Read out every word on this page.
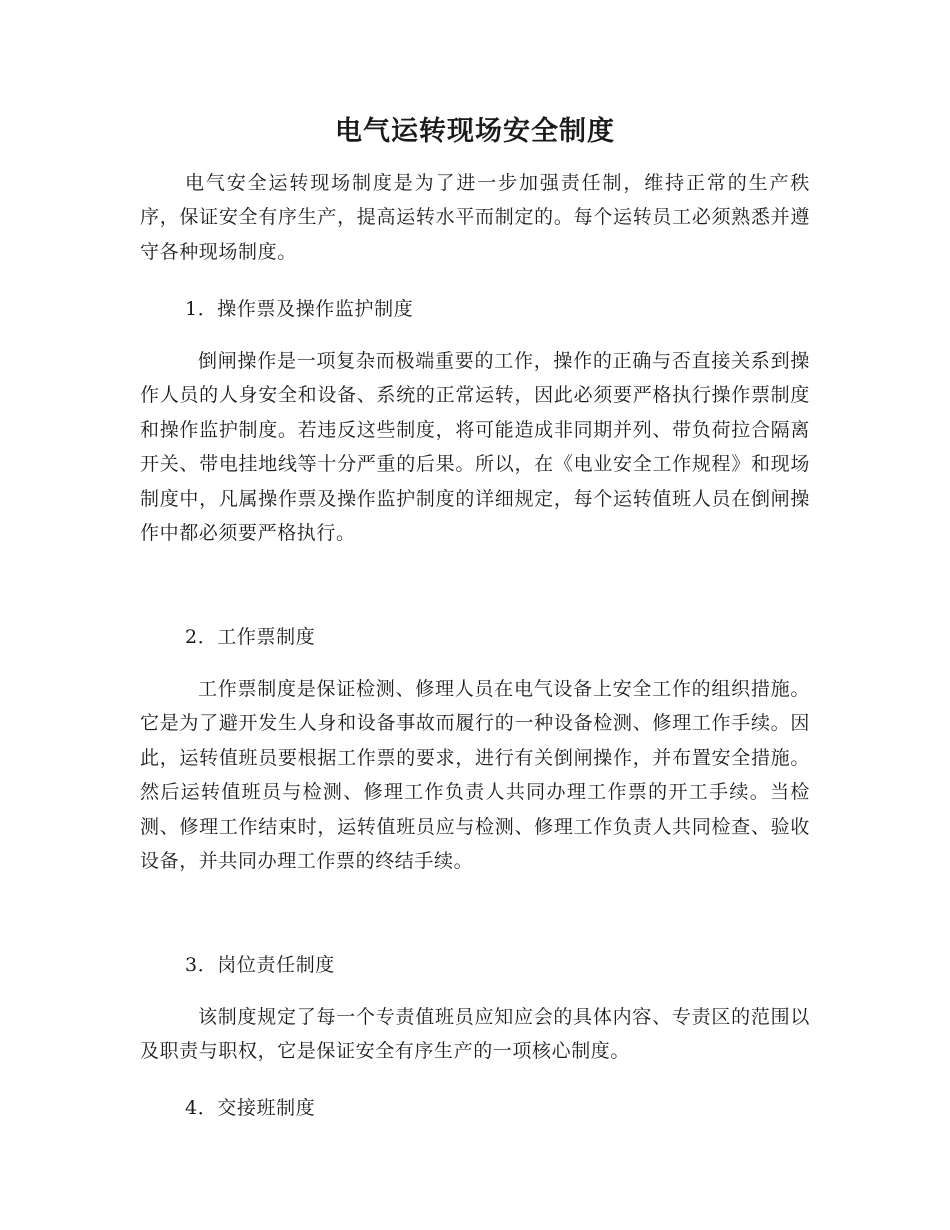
电气运转现场安全制度
电气安全运转现场制度是为了进一步加强责任制，维持正常的生产秩序，保证安全有序生产，提高运转水平而制定的。每个运转员工必须熟悉并遵守各种现场制度。
1．操作票及操作监护制度
倒闸操作是一项复杂而极端重要的工作，操作的正确与否直接关系到操作人员的人身安全和设备、系统的正常运转，因此必须要严格执行操作票制度和操作监护制度。若违反这些制度，将可能造成非同期并列、带负荷拉合隔离开关、带电挂地线等十分严重的后果。所以，在《电业安全工作规程》和现场制度中，凡属操作票及操作监护制度的详细规定，每个运转值班人员在倒闸操作中都必须要严格执行。
2．工作票制度
工作票制度是保证检测、修理人员在电气设备上安全工作的组织措施。它是为了避开发生人身和设备事故而履行的一种设备检测、修理工作手续。因此，运转值班员要根据工作票的要求，进行有关倒闸操作，并布置安全措施。然后运转值班员与检测、修理工作负责人共同办理工作票的开工手续。当检测、修理工作结束时，运转值班员应与检测、修理工作负责人共同检查、验收设备，并共同办理工作票的终结手续。
3．岗位责任制度
该制度规定了每一个专责值班员应知应会的具体内容、专责区的范围以及职责与职权，它是保证安全有序生产的一项核心制度。
4．交接班制度
